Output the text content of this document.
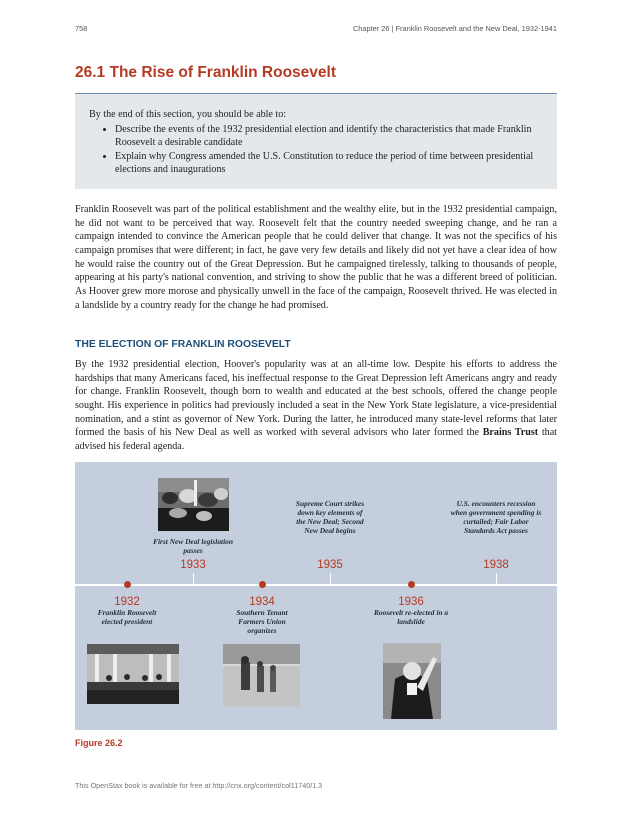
758	Chapter 26 | Franklin Roosevelt and the New Deal, 1932-1941
26.1 The Rise of Franklin Roosevelt

By the end of this section, you should be able to:

• Describe the events of the 1932 presidential election and identify the characteristics that made Franklin Roosevelt a desirable candidate
• Explain why Congress amended the U.S. Constitution to reduce the period of time between presidential elections and inaugurations

Franklin Roosevelt was part of the political establishment and the wealthy elite, but in the 1932 presidential campaign, he did not want to be perceived that way. Roosevelt felt that the country needed sweeping change, and he ran a campaign intended to convince the American people that he could deliver that change. It was not the specifics of his campaign promises that were different; in fact, he gave very few details and likely did not yet have a clear idea of how he would raise the country out of the Great Depression. But he campaigned tirelessly, talking to thousands of people, appearing at his party's national convention, and striving to show the public that he was a different breed of politician. As Hoover grew more morose and physically unwell in the face of the campaign, Roosevelt thrived. He was elected in a landslide by a country ready for the change he had promised.

THE ELECTION OF FRANKLIN ROOSEVELT

By the 1932 presidential election, Hoover's popularity was at an all-time low. Despite his efforts to address the hardships that many Americans faced, his ineffectual response to the Great Depression left Americans angry and ready for change. Franklin Roosevelt, though born to wealth and educated at the best schools, offered the change people sought. His experience in politics had previously included a seat in the New York State legislature, a vice-presidential nomination, and a stint as governor of New York. During the latter, he introduced many state-level reforms that later formed the basis of his New Deal as well as worked with several advisors who later formed the Brains Trust that advised his federal agenda.

1932
1933
1934
1935
1936
1938
Franklin Roosevelt elected president
First New Deal legislation passes
Southern Tenant Farmers Union organizes
Supreme Court strikes down key elements of the New Deal; Second New Deal begins
Roosevelt re-elected in a landslide
U.S. encounters recession when government spending is curtailed; Fair Labor Standards Act passes

Figure 26.2

This OpenStax book is available for free at http://cnx.org/content/col11740/1.3
